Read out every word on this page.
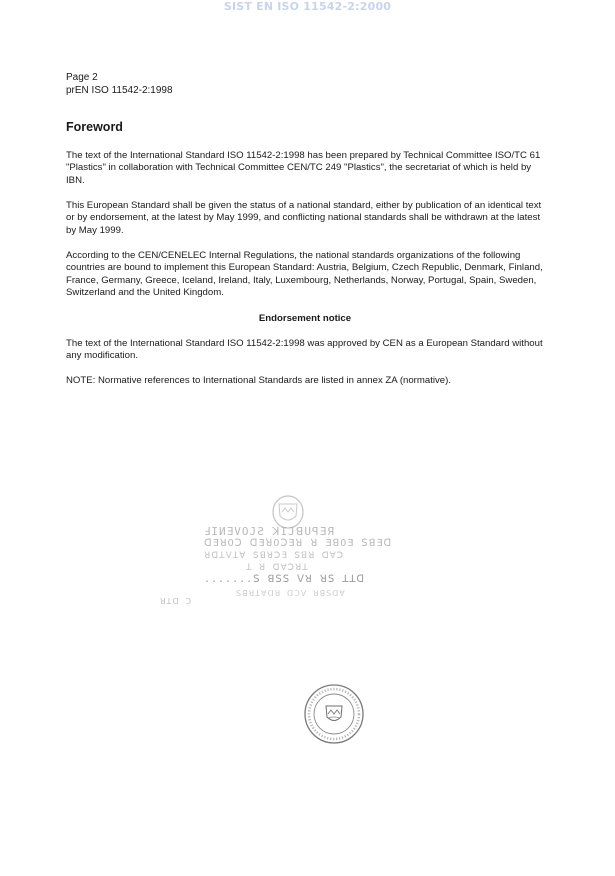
SIST EN ISO 11542-2:2000
Page 2
prEN ISO 11542-2:1998
Foreword

The text of the International Standard ISO 11542-2:1998 has been prepared by Technical Committee ISO/TC 61 "Plastics" in collaboration with Technical Committee CEN/TC 249 "Plastics", the secretariat of which is held by IBN.

This European Standard shall be given the status of a national standard, either by publication of an identical text or by endorsement, at the latest by May 1999, and conflicting national standards shall be withdrawn at the latest by May 1999.

According to the CEN/CENELEC Internal Regulations, the national standards organizations of the following countries are bound to implement this European Standard: Austria, Belgium, Czech Republic, Denmark, Finland, France, Germany, Greece, Iceland, Ireland, Italy, Luxembourg, Netherlands, Norway, Portugal, Spain, Sweden, Switzerland and the United Kingdom.

Endorsement notice

The text of the International Standard ISO 11542-2:1998 was approved by CEN as a European Standard without any modification.

NOTE: Normative references to International Standards are listed in annex ZA (normative).

ℲIИƎVOJƧ ꓘIJꓭUꟼƎЯ
ꓷƎꓤOꓛ ꓷƎꓤOꓛƎꓤ ꓤ ƎꓭOƎ ꓢꓭƎꓷ
ꓤꓷꓕꓦꓕꓯ ꓢꓭꓤꓛƎ ꓢꓭꓤ ꓷꓯꓛ
ꓕ ꓤ ꓷꓯꓛꓤꓕ
.......ꓢ ꓭꓢꓢ ꓦꓤ ꓤꓢ ꓕꓕꓷ
ꓢꓭꓤꓕꓯꓷꓤ ꓷꓛꓦ ꓤꓭꓢꓷꓯ
ꓤꓕꓷ ꓛ
